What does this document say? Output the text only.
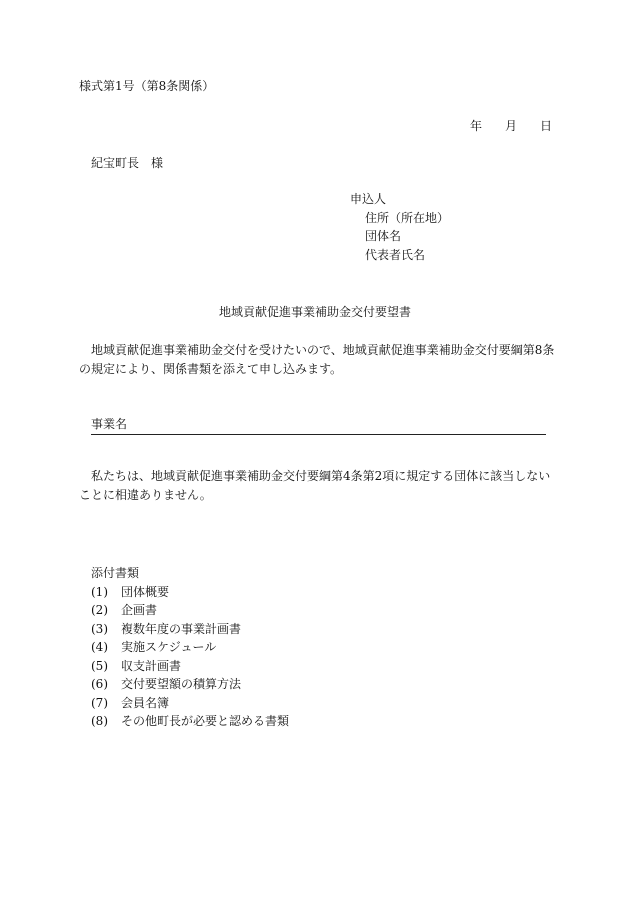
様式第1号（第8条関係）
年 月 日
紀宝町長　様
申込人
住所（所在地）
団体名
代表者氏名
地域貢献促進事業補助金交付要望書
　地域貢献促進事業補助金交付を受けたいので、地域貢献促進事業補助金交付要綱第8条の規定により、関係書類を添えて申し込みます。
事業名
　私たちは、地域貢献促進事業補助金交付要綱第4条第2項に規定する団体に該当しないことに相違ありません。
添付書類
(1) 団体概要
(2) 企画書
(3) 複数年度の事業計画書
(4) 実施スケジュール
(5) 収支計画書
(6) 交付要望額の積算方法
(7) 会員名簿
(8) その他町長が必要と認める書類
